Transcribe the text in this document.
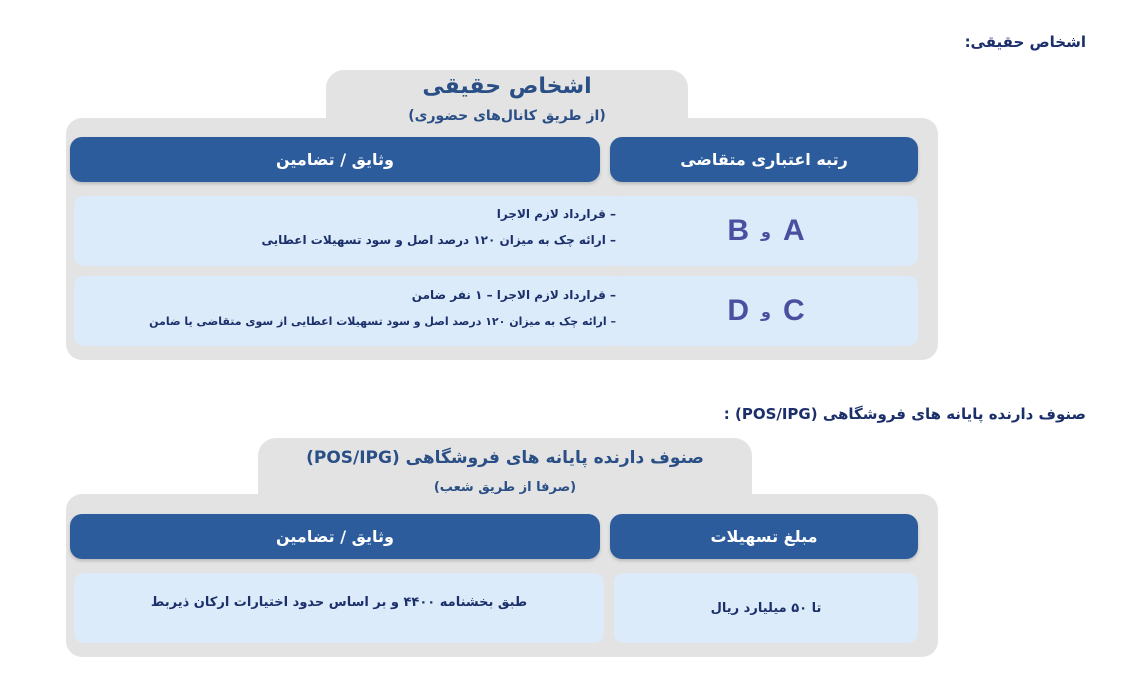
اشخاص حقیقی:
اشخاص حقیقی
(از طریق کانال‌های حضوری)
رتبه اعتباری متقاضی
وثایق / تضامین
A
و
B
– قرارداد لازم الاجرا
– ارائه چک به میزان ۱۲۰ درصد اصل و سود تسهیلات اعطایی
C
و
D
– قرارداد لازم الاجرا – ۱ نفر ضامن
– ارائه چک به میزان ۱۲۰ درصد اصل و سود تسهیلات اعطایی از سوی متقاضی یا ضامن
صنوف دارنده پایانه های فروشگاهی (POS/IPG) :
صنوف دارنده پایانه های فروشگاهی (POS/IPG)
(صرفا از طریق شعب)
مبلغ تسهیلات
وثایق / تضامین
تا ۵۰ میلیارد ریال
طبق بخشنامه ۴۴۰۰ و بر اساس حدود اختیارات ارکان ذیربط
